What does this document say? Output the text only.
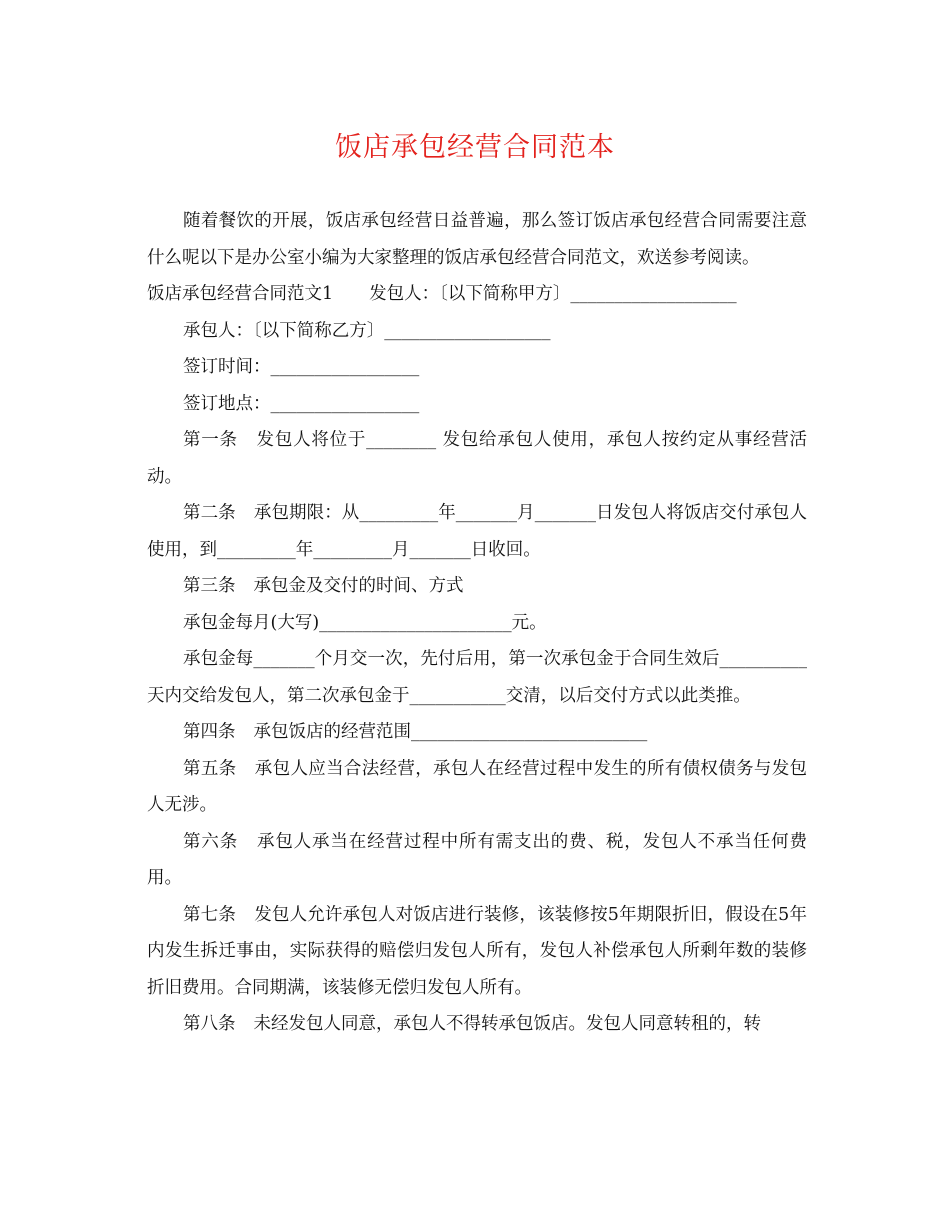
饭店承包经营合同范本

随着餐饮的开展，饭店承包经营日益普遍，那么签订饭店承包经营合同需要注意什么呢以下是办公室小编为大家整理的饭店承包经营合同范文，欢送参考阅读。

饭店承包经营合同范文1 发包人：〔以下简称甲方〕___________________

承包人：〔以下简称乙方〕___________________

签订时间：_________________

签订地点：_________________

第一条 发包人将位于________ 发包给承包人使用，承包人按约定从事经营活动。

第二条 承包期限：从_________年_______月_______日发包人将饭店交付承包人使用，到_________年_________月_______日收回。

第三条 承包金及交付的时间、方式

承包金每月(大写)______________________元。

承包金每_______个月交一次，先付后用，第一次承包金于合同生效后__________天内交给发包人，第二次承包金于___________交清，以后交付方式以此类推。

第四条 承包饭店的经营范围___________________________

第五条 承包人应当合法经营，承包人在经营过程中发生的所有债权债务与发包人无涉。

第六条 承包人承当在经营过程中所有需支出的费、税，发包人不承当任何费用。

第七条 发包人允许承包人对饭店进行装修，该装修按5年期限折旧，假设在5年内发生拆迁事由，实际获得的赔偿归发包人所有，发包人补偿承包人所剩年数的装修折旧费用。合同期满，该装修无偿归发包人所有。

第八条 未经发包人同意，承包人不得转承包饭店。发包人同意转租的，转
